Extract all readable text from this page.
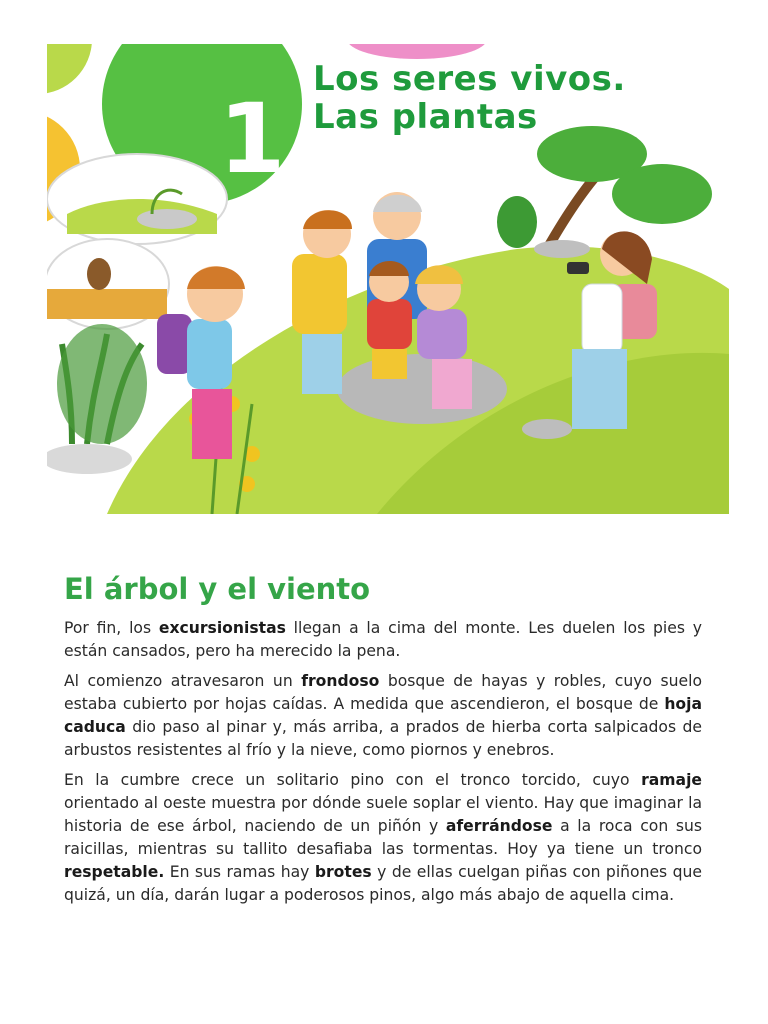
1
Los seres vivos.
Las plantas
El árbol y el viento

Por fin, los excursionistas llegan a la cima del monte. Les duelen los pies y están cansados, pero ha merecido la pena.

Al comienzo atravesaron un frondoso bosque de hayas y robles, cuyo suelo estaba cubierto por hojas caídas. A medida que ascendieron, el bosque de hoja caduca dio paso al pinar y, más arriba, a prados de hierba corta salpicados de arbustos resistentes al frío y la nieve, como piornos y enebros.

En la cumbre crece un solitario pino con el tronco torcido, cuyo ramaje orientado al oeste muestra por dónde suele soplar el viento. Hay que imaginar la historia de ese árbol, naciendo de un piñón y aferrándose a la roca con sus raicillas, mientras su tallito desafiaba las tormentas. Hoy ya tiene un tronco respetable. En sus ramas hay brotes y de ellas cuelgan piñas con piñones que quizá, un día, darán lugar a poderosos pinos, algo más abajo de aquella cima.
